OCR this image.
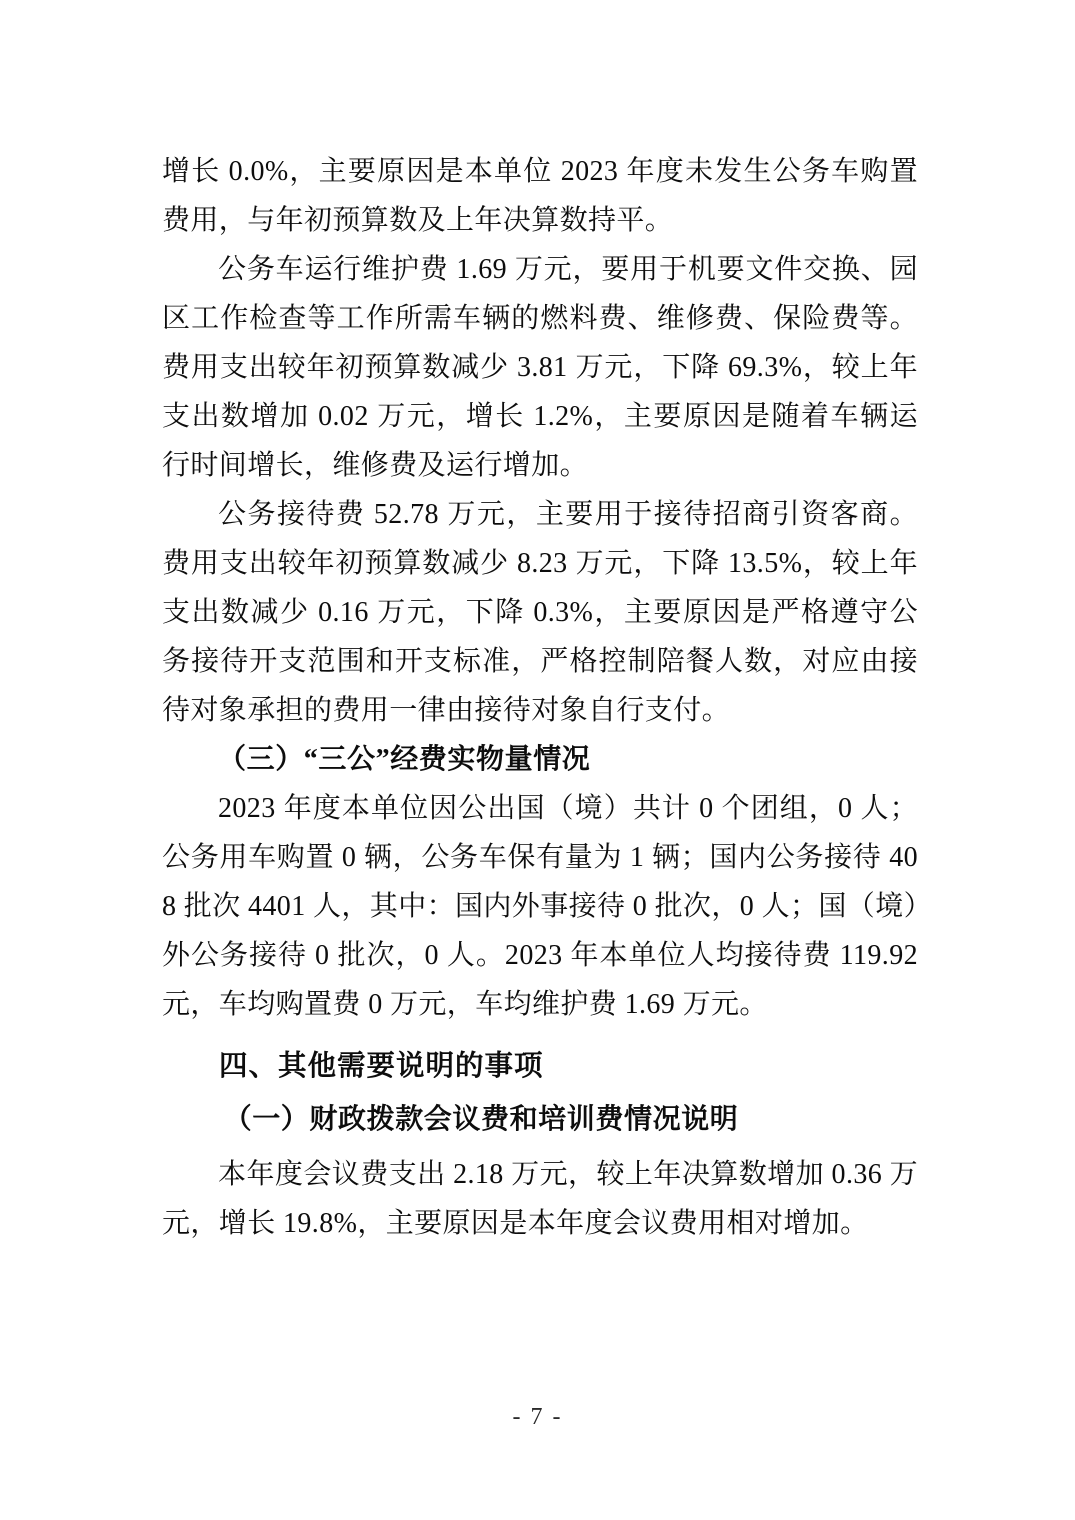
增长 0.0%，主要原因是本单位 2023 年度未发生公务车购置费用，与年初预算数及上年决算数持平。

公务车运行维护费 1.69 万元，要用于机要文件交换、园区工作检查等工作所需车辆的燃料费、维修费、保险费等。费用支出较年初预算数减少 3.81 万元，下降 69.3%，较上年支出数增加 0.02 万元，增长 1.2%，主要原因是随着车辆运行时间增长，维修费及运行增加。

公务接待费 52.78 万元，主要用于接待招商引资客商。费用支出较年初预算数减少 8.23 万元，下降 13.5%，较上年支出数减少 0.16 万元，下降 0.3%，主要原因是严格遵守公务接待开支范围和开支标准，严格控制陪餐人数，对应由接待对象承担的费用一律由接待对象自行支付。

（三）“三公”经费实物量情况

2023 年度本单位因公出国（境）共计 0 个团组，0 人；公务用车购置 0 辆，公务车保有量为 1 辆；国内公务接待 408 批次 4401 人，其中：国内外事接待 0 批次，0 人；国（境）外公务接待 0 批次，0 人。2023 年本单位人均接待费 119.92 元，车均购置费 0 万元，车均维护费 1.69 万元。

四、其他需要说明的事项
（一）财政拨款会议费和培训费情况说明

本年度会议费支出 2.18 万元，较上年决算数增加 0.36 万元，增长 19.8%，主要原因是本年度会议费用相对增加。

- 7 -
